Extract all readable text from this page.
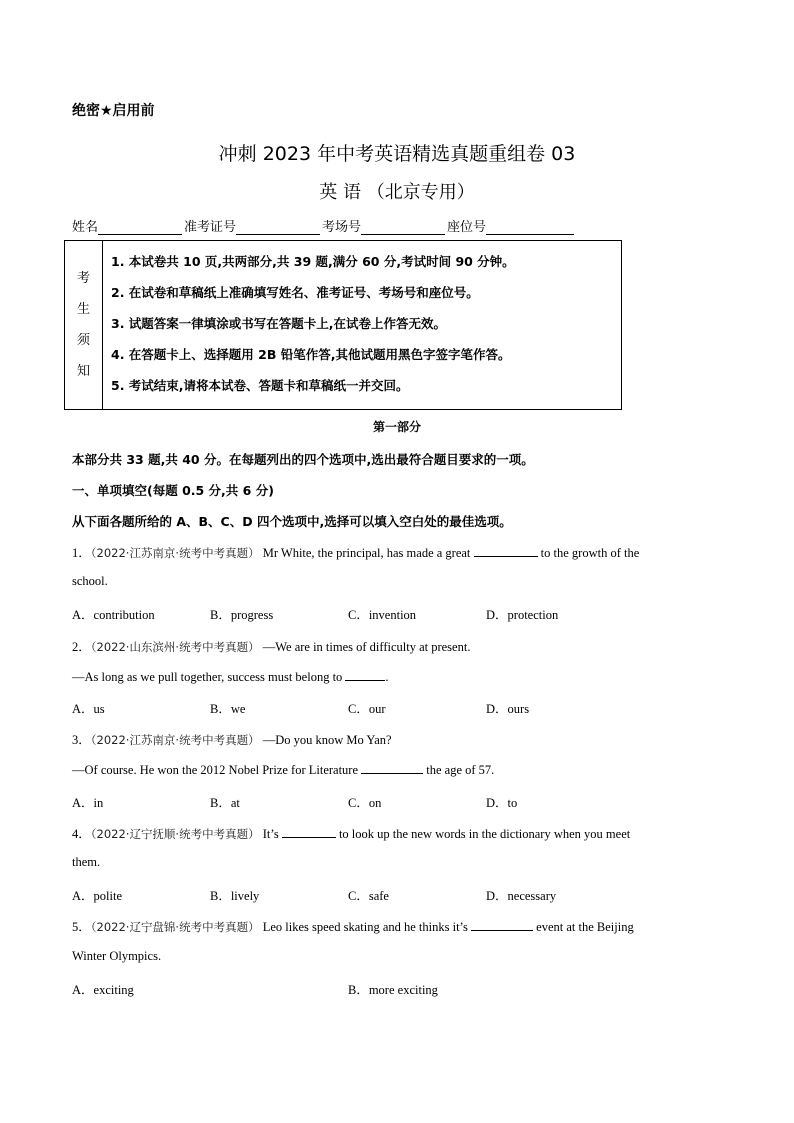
绝密★启用前
冲刺 2023 年中考英语精选真题重组卷 03
英 语 （北京专用）
姓名	准考证号	考场号	座位号
考
生
须
知
1. 本试卷共 10 页,共两部分,共 39 题,满分 60 分,考试时间 90 分钟。
2. 在试卷和草稿纸上准确填写姓名、准考证号、考场号和座位号。
3. 试题答案一律填涂或书写在答题卡上,在试卷上作答无效。
4. 在答题卡上、选择题用 2B 铅笔作答,其他试题用黑色字签字笔作答。
5. 考试结束,请将本试卷、答题卡和草稿纸一并交回。
第一部分
本部分共 33 题,共 40 分。在每题列出的四个选项中,选出最符合题目要求的一项。
一、单项填空(每题 0.5 分,共 6 分)
从下面各题所给的 A、B、C、D 四个选项中,选择可以填入空白处的最佳选项。
1．（2022·江苏南京·统考中考真题） Mr White, the principal, has made a great	to the growth of the
school.
A．contribution	B．progress	C．invention	D．protection
2．（2022·山东滨州·统考中考真题） —We are in times of difficulty at present.
—As long as we pull together, success must belong to	.
A．us	B．we	C．our	D．ours
3．（2022·江苏南京·统考中考真题） —Do you know Mo Yan?
—Of course. He won the 2012 Nobel Prize for Literature	the age of 57.
A．in	B．at	C．on	D．to
4．（2022·辽宁抚顺·统考中考真题） It’s	to look up the new words in the dictionary when you meet
them.
A．polite	B．lively	C．safe	D．necessary
5．（2022·辽宁盘锦·统考中考真题） Leo likes speed skating and he thinks it’s	event at the Beijing
Winter Olympics.
A．exciting	B．more exciting
